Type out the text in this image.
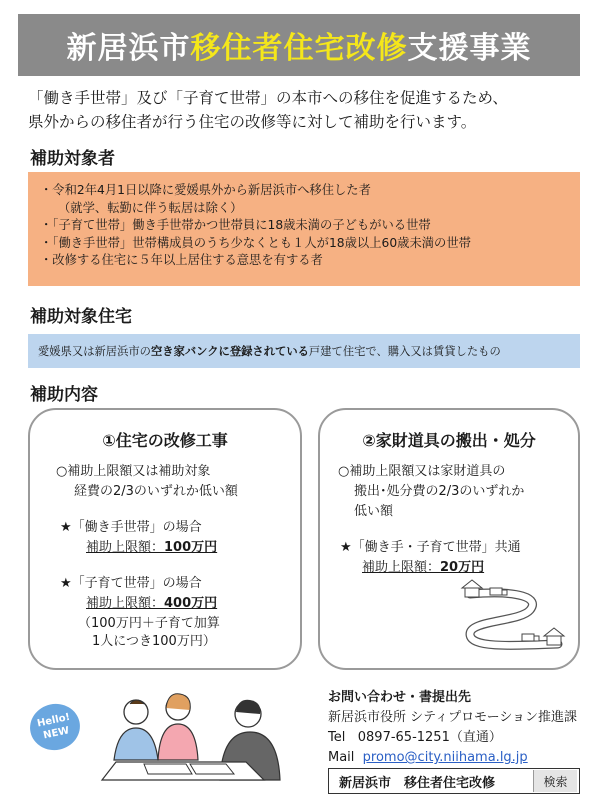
新居浜市 移住者住宅改修 支援事業
「働き手世帯」及び「子育て世帯」の本市への移住を促進するため、
県外からの移住者が行う住宅の改修等に対して補助を行います。
補助対象者
・令和2年4月1日以降に愛媛県外から新居浜市へ移住した者
（就学、転勤に伴う転居は除く）
・「子育て世帯」働き手世帯かつ世帯員に18歳未満の子どもがいる世帯
・「働き手世帯」世帯構成員のうち少なくとも１人が18歳以上60歳未満の世帯
・改修する住宅に５年以上居住する意思を有する者
補助対象住宅
愛媛県又は新居浜市の 空き家バンクに登録されている 戸建て住宅で、購入又は賃貸したもの
補助内容
①住宅の改修工事
○補助上限額又は補助対象
経費の2/3のいずれか低い額
★「働き手世帯」の場合
補助上限額：100万円
★「子育て世帯」の場合
補助上限額：400万円
（100万円＋子育て加算
1人につき100万円）
②家財道具の搬出・処分
○補助上限額又は家財道具の
搬出･処分費の2/3のいずれか
低い額
★「働き手・子育て世帯」共通
補助上限額：20万円
Hello!
NEW
お問い合わせ・書提出先
新居浜市役所 シティプロモーション推進課
Tel 0897-65-1251（直通）
Mail promo@city.niihama.lg.jp
新居浜市　移住者住宅改修	検索
